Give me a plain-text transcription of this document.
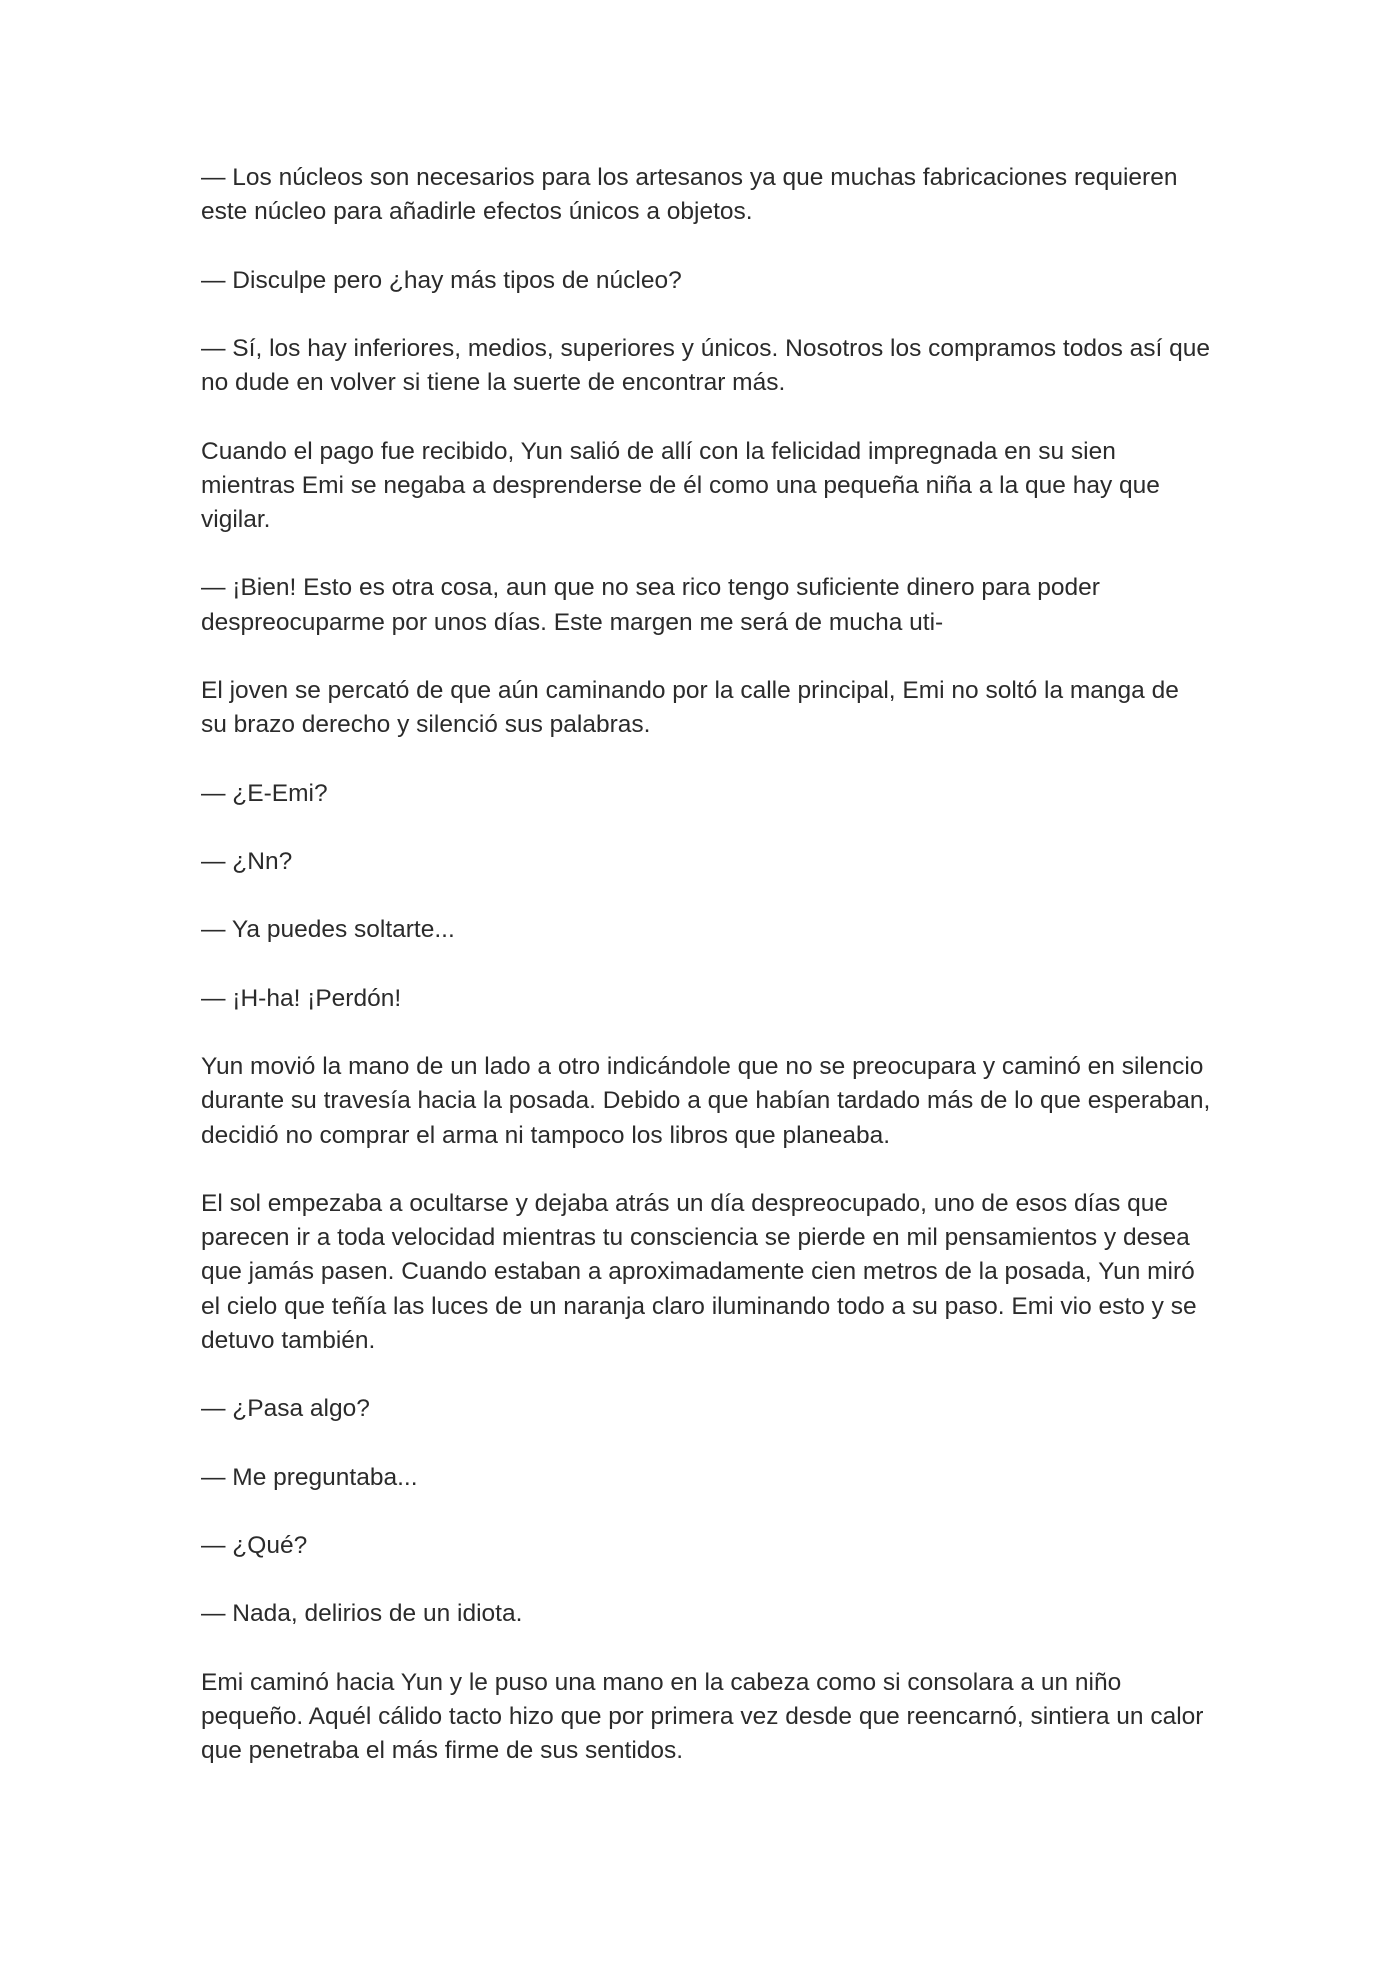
— Los núcleos son necesarios para los artesanos ya que muchas fabricaciones requieren este núcleo para añadirle efectos únicos a objetos.

— Disculpe pero ¿hay más tipos de núcleo?

— Sí, los hay inferiores, medios, superiores y únicos. Nosotros los compramos todos así que no dude en volver si tiene la suerte de encontrar más.

Cuando el pago fue recibido, Yun salió de allí con la felicidad impregnada en su sien mientras Emi se negaba a desprenderse de él como una pequeña niña a la que hay que vigilar.

— ¡Bien! Esto es otra cosa, aun que no sea rico tengo suficiente dinero para poder despreocuparme por unos días. Este margen me será de mucha uti-

El joven se percató de que aún caminando por la calle principal, Emi no soltó la manga de su brazo derecho y silenció sus palabras.

— ¿E-Emi?

— ¿Nn?

— Ya puedes soltarte...

— ¡H-ha! ¡Perdón!

Yun movió la mano de un lado a otro indicándole que no se preocupara y caminó en silencio durante su travesía hacia la posada. Debido a que habían tardado más de lo que esperaban, decidió no comprar el arma ni tampoco los libros que planeaba.

El sol empezaba a ocultarse y dejaba atrás un día despreocupado, uno de esos días que parecen ir a toda velocidad mientras tu consciencia se pierde en mil pensamientos y desea que jamás pasen. Cuando estaban a aproximadamente cien metros de la posada, Yun miró el cielo que teñía las luces de un naranja claro iluminando todo a su paso. Emi vio esto y se detuvo también.

— ¿Pasa algo?

— Me preguntaba...

— ¿Qué?

— Nada, delirios de un idiota.

Emi caminó hacia Yun y le puso una mano en la cabeza como si consolara a un niño pequeño. Aquél cálido tacto hizo que por primera vez desde que reencarnó, sintiera un calor que penetraba el más firme de sus sentidos.
